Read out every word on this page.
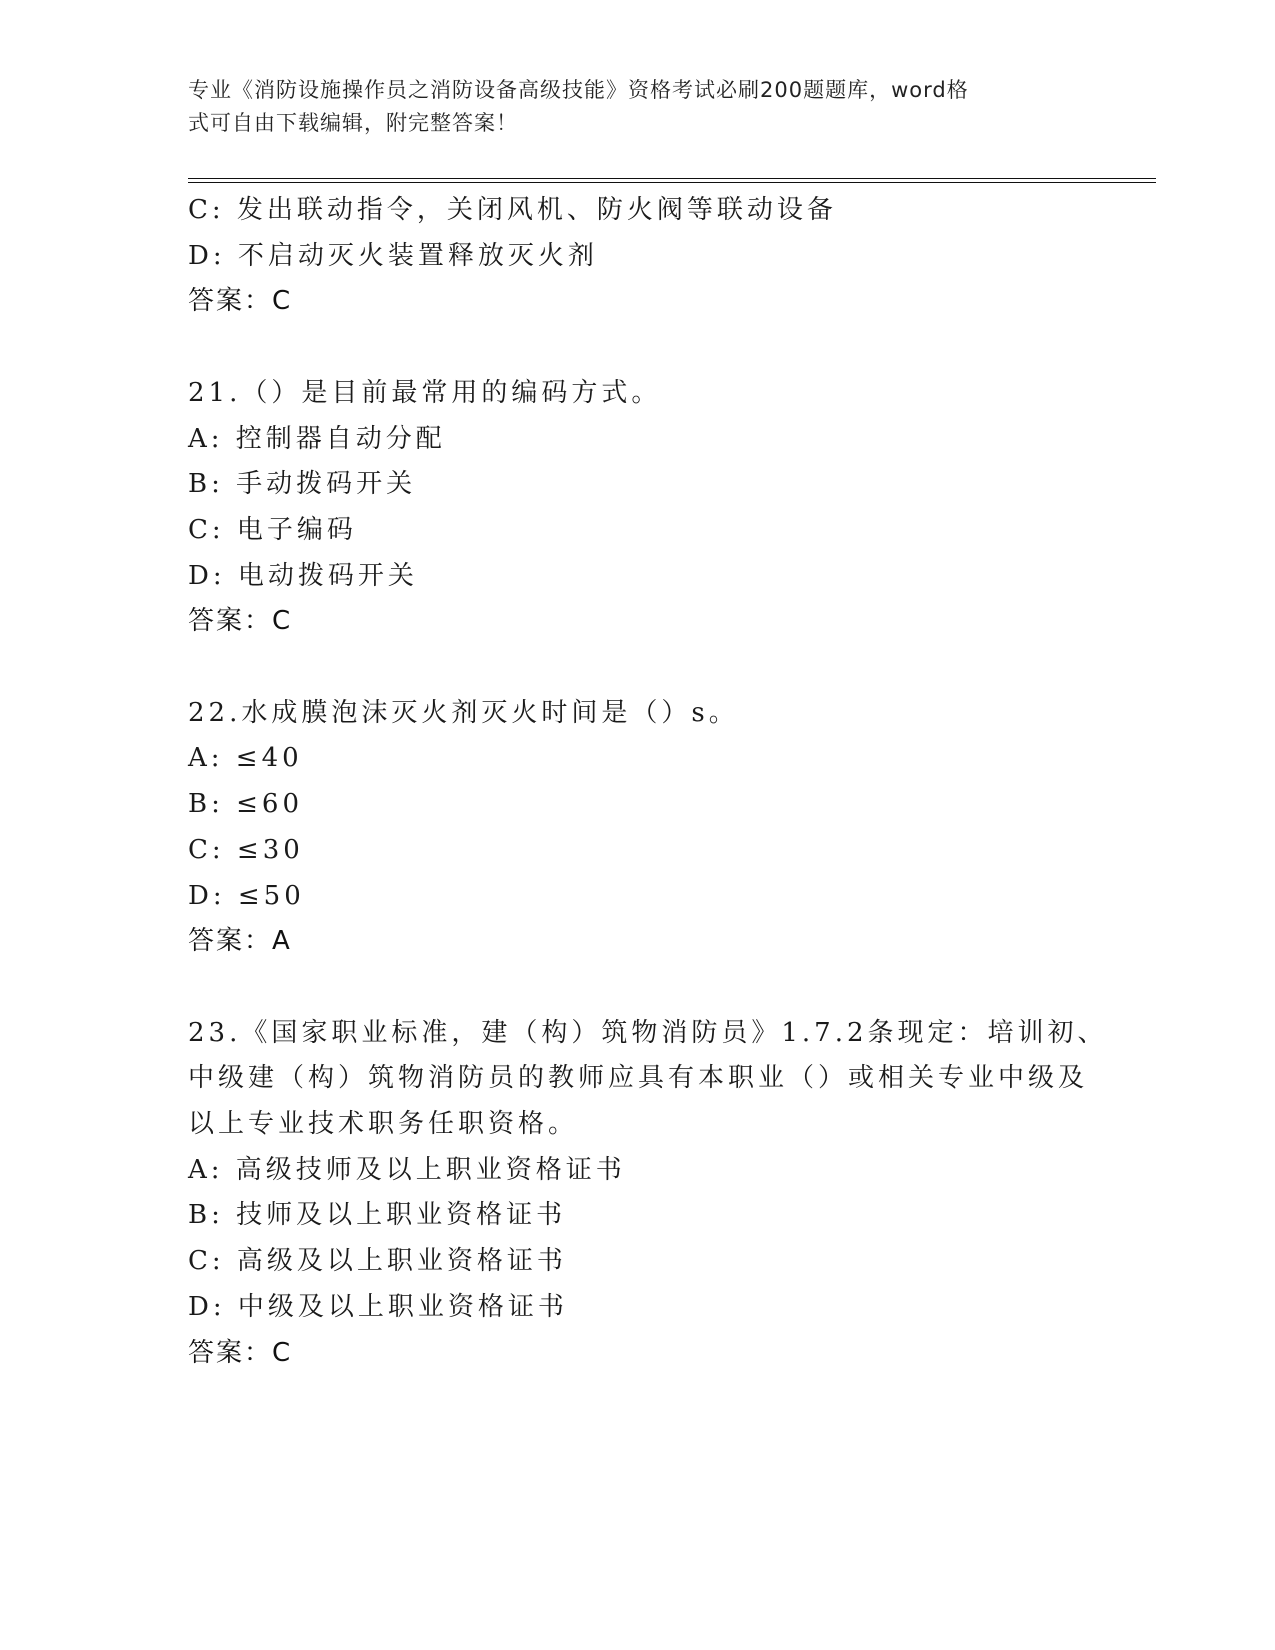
专业《消防设施操作员之消防设备高级技能》资格考试必刷200题题库，word格
式可自由下载编辑，附完整答案！
C: 发出联动指令，关闭风机、防火阀等联动设备
D: 不启动灭火装置释放灭火剂
答案：C
21.（）是目前最常用的编码方式。
A: 控制器自动分配
B: 手动拨码开关
C: 电子编码
D: 电动拨码开关
答案：C
22.水成膜泡沫灭火剂灭火时间是（）s。
A: ≤40
B: ≤60
C: ≤30
D: ≤50
答案：A
23.《国家职业标准，建（构）筑物消防员》1.7.2条现定：培训初、
中级建（构）筑物消防员的教师应具有本职业（）或相关专业中级及
以上专业技术职务任职资格。
A: 高级技师及以上职业资格证书
B: 技师及以上职业资格证书
C: 高级及以上职业资格证书
D: 中级及以上职业资格证书
答案：C
